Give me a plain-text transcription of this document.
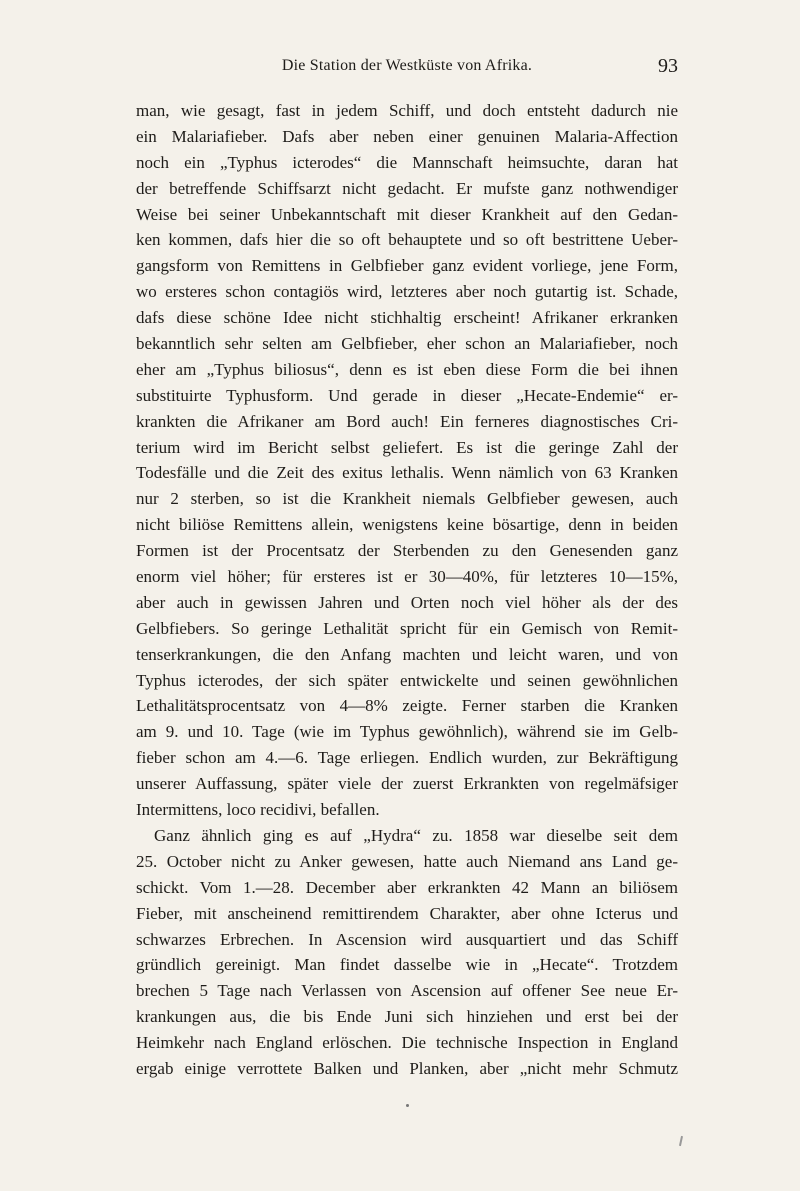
Die Station der Westküste von Afrika.	93
man, wie gesagt, fast in jedem Schiff, und doch entsteht dadurch nie
ein Malariafieber. Dafs aber neben einer genuinen Malaria-Affection
noch ein „Typhus icterodes“ die Mannschaft heimsuchte, daran hat
der betreffende Schiffsarzt nicht gedacht. Er mufste ganz nothwendiger
Weise bei seiner Unbekanntschaft mit dieser Krankheit auf den Gedan-
ken kommen, dafs hier die so oft behauptete und so oft bestrittene Ueber-
gangsform von Remittens in Gelbfieber ganz evident vorliege, jene Form,
wo ersteres schon contagiös wird, letzteres aber noch gutartig ist. Schade,
dafs diese schöne Idee nicht stichhaltig erscheint! Afrikaner erkranken
bekanntlich sehr selten am Gelbfieber, eher schon an Malariafieber, noch
eher am „Typhus biliosus“, denn es ist eben diese Form die bei ihnen
substituirte Typhusform. Und gerade in dieser „Hecate-Endemie“ er-
krankten die Afrikaner am Bord auch! Ein ferneres diagnostisches Cri-
terium wird im Bericht selbst geliefert. Es ist die geringe Zahl der
Todesfälle und die Zeit des exitus lethalis. Wenn nämlich von 63 Kranken
nur 2 sterben, so ist die Krankheit niemals Gelbfieber gewesen, auch
nicht biliöse Remittens allein, wenigstens keine bösartige, denn in beiden
Formen ist der Procentsatz der Sterbenden zu den Genesenden ganz
enorm viel höher; für ersteres ist er 30—40%, für letzteres 10—15%,
aber auch in gewissen Jahren und Orten noch viel höher als der des
Gelbfiebers. So geringe Lethalität spricht für ein Gemisch von Remit-
tenserkrankungen, die den Anfang machten und leicht waren, und von
Typhus icterodes, der sich später entwickelte und seinen gewöhnlichen
Lethalitätsprocentsatz von 4—8% zeigte. Ferner starben die Kranken
am 9. und 10. Tage (wie im Typhus gewöhnlich), während sie im Gelb-
fieber schon am 4.—6. Tage erliegen. Endlich wurden, zur Bekräftigung
unserer Auffassung, später viele der zuerst Erkrankten von regelmäfsiger
Intermittens, loco recidivi, befallen.
Ganz ähnlich ging es auf „Hydra“ zu. 1858 war dieselbe seit dem
25. October nicht zu Anker gewesen, hatte auch Niemand ans Land ge-
schickt. Vom 1.—28. December aber erkrankten 42 Mann an biliösem
Fieber, mit anscheinend remittirendem Charakter, aber ohne Icterus und
schwarzes Erbrechen. In Ascension wird ausquartiert und das Schiff
gründlich gereinigt. Man findet dasselbe wie in „Hecate“. Trotzdem
brechen 5 Tage nach Verlassen von Ascension auf offener See neue Er-
krankungen aus, die bis Ende Juni sich hinziehen und erst bei der
Heimkehr nach England erlöschen. Die technische Inspection in England
ergab einige verrottete Balken und Planken, aber „nicht mehr Schmutz
